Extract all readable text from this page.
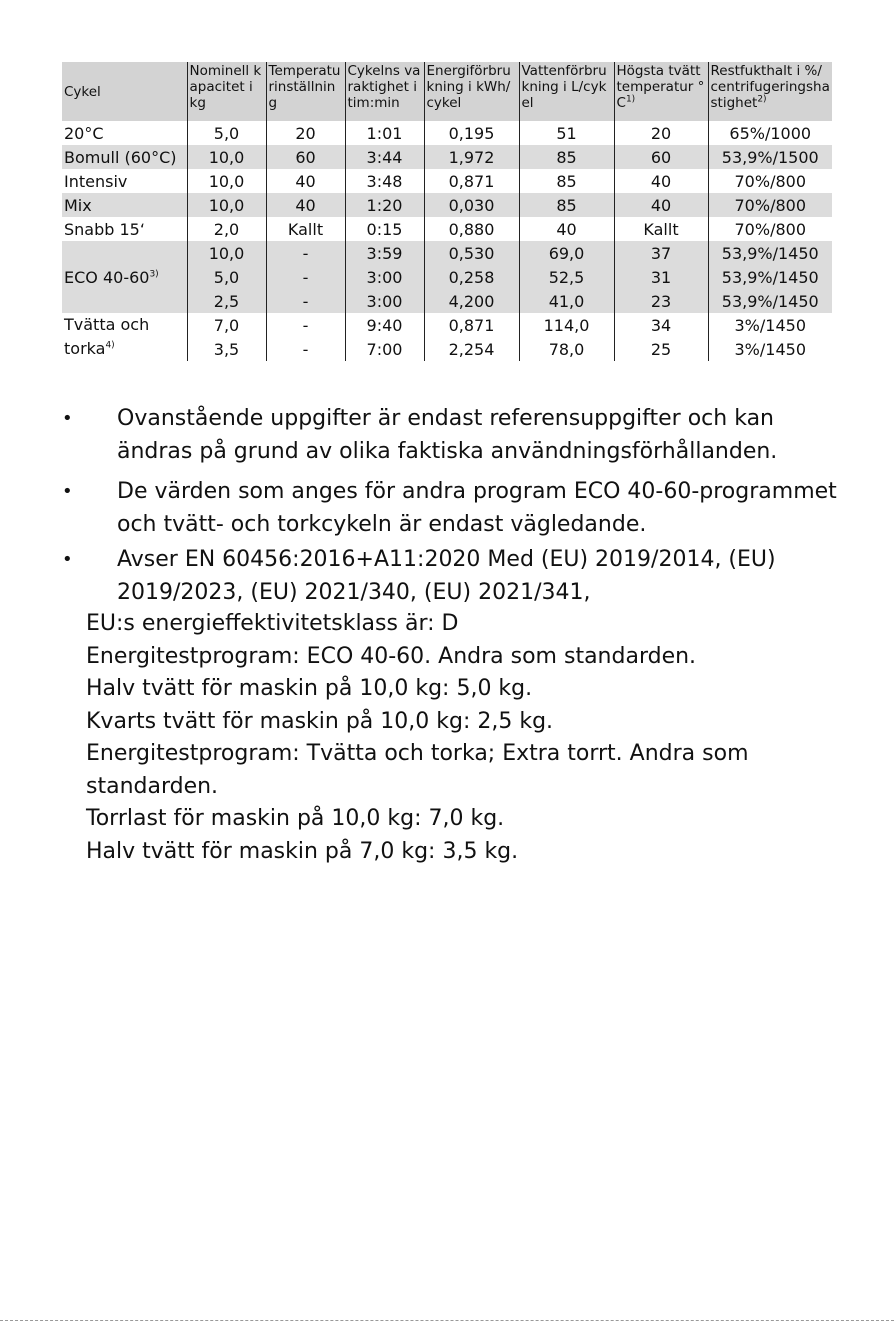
Cykel	Nominell kapacitet i kg	Temperaturinställning	Cykelns varaktighet i tim:min	Energiförbrukning i kWh/cykel	Vattenförbrukning i L/cykel	Högsta tvätttemperatur $^\circ C^{1)}$	Restfukthalt i %/ centrifugeringshastighet$^{2)}$
20°C	5,0	20	1:01	0,195	51	20	65%/1000
Bomull (60°C)	10,0	60	3:44	1,972	85	60	53,9%/1500
Intensiv	10,0	40	3:48	0,871	85	40	70%/800
Mix	10,0	40	1:20	0,030	85	40	70%/800
Snabb 15‘	2,0	Kallt	0:15	0,880	40	Kallt	70%/800
ECO 40-60$^{3)}$	10,0	-	3:59	0,530	69,0	37	53,9%/1450
	5,0	-	3:00	0,258	52,5	31	53,9%/1450
	2,5	-	3:00	4,200	41,0	23	53,9%/1450
Tvätta och torka$^{4)}$	7,0	-	9:40	0,871	114,0	34	3%/1450
	3,5	-	7:00	2,254	78,0	25	3%/1450
•	Ovanstående uppgifter är endast referensuppgifter och kan ändras på grund av olika faktiska användningsförhållanden.
•	De värden som anges för andra program ECO 40-60-programmet och tvätt- och torkcykeln är endast vägledande.
•	Avser EN 60456:2016+A11:2020 Med (EU) 2019/2014, (EU) 2019/2023, (EU) 2021/340, (EU) 2021/341,
EU:s energieffektivitetsklass är: D
Energitestprogram: ECO 40-60. Andra som standarden.
Halv tvätt för maskin på 10,0 kg: 5,0 kg.
Kvarts tvätt för maskin på 10,0 kg: 2,5 kg.
Energitestprogram: Tvätta och torka; Extra torrt. Andra som
standarden.
Torrlast för maskin på 10,0 kg: 7,0 kg.
Halv tvätt för maskin på 7,0 kg: 3,5 kg.
